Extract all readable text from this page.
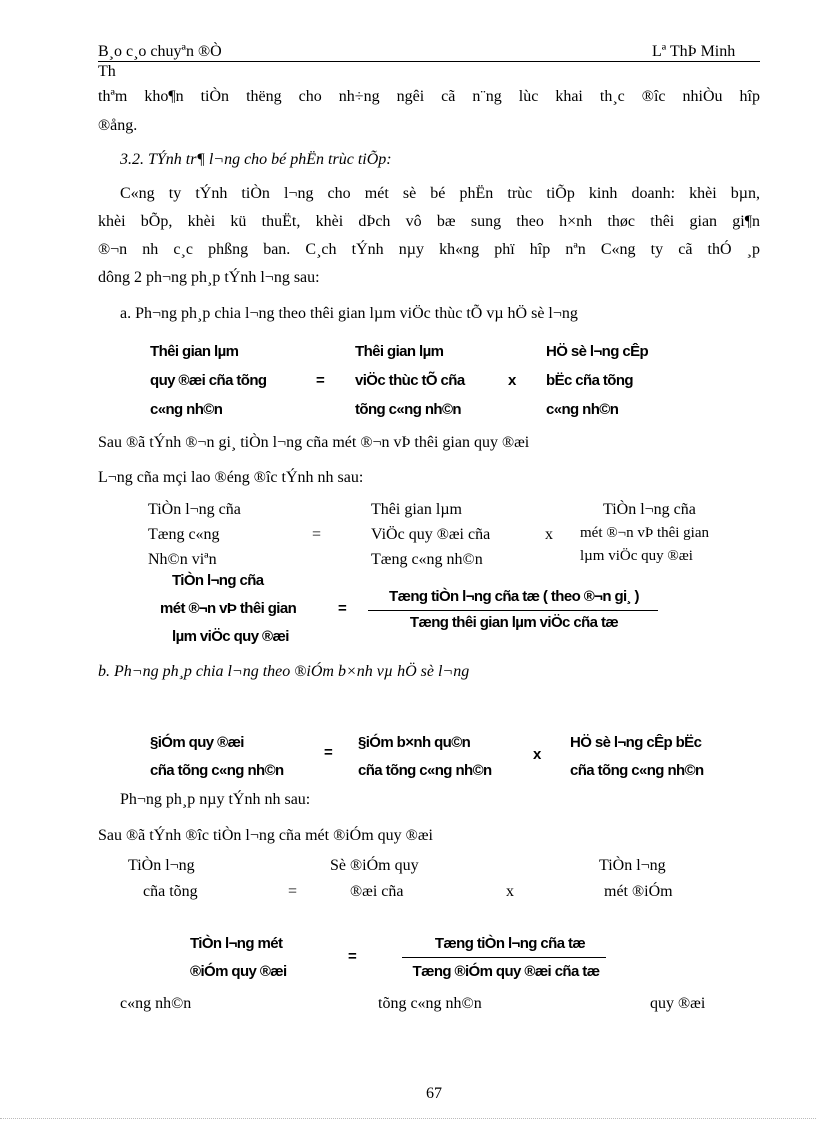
B¸o c¸o chuyªn ®Ò	Lª ThÞ Minh
Th
thªm kho¶n tiÒn thëng cho nh÷ng ngêi cã n¨ng lùc khai th¸c ®îc nhiÒu hîp
®ång.
3.2. TÝnh tr¶ l¬ng cho bé phËn trùc tiÕp:
C«ng ty tÝnh tiÒn l¬ng cho mét sè bé phËn trùc tiÕp kinh doanh: khèi bµn,
khèi bÕp, khèi kü thuËt, khèi dÞch vô bæ sung theo h×nh thøc thêi gian gi¶n
®¬n nh c¸c phßng ban. C¸ch tÝnh nµy kh«ng phï hîp nªn C«ng ty cã thÓ ¸p
dông 2 ph¬ng ph¸p tÝnh l¬ng sau:
a. Ph¬ng ph¸p chia l¬ng theo thêi gian lµm viÖc thùc tÕ vµ hÖ sè l¬ng
Thêi gian lµm
quy ®æi cña tõng
c«ng nh©n
=
Thêi gian lµm
viÖc thùc tÕ cña
tõng c«ng nh©n
x
HÖ sè l¬ng cÊp
bËc cña tõng
c«ng nh©n
Sau ®ã tÝnh ®¬n gi¸ tiÒn l¬ng cña mét ®¬n vÞ thêi gian quy ®æi
L¬ng cña mçi lao ®éng ®îc tÝnh nh sau:
TiÒn l¬ng cña
Tæng c«ng
Nh©n viªn
=
Thêi gian lµm
ViÖc quy ®æi cña
Tæng c«ng nh©n
x
TiÒn l¬ng cña
mét ®¬n vÞ thêi gian
lµm viÖc quy ®æi
TiÒn l¬ng cña
mét ®¬n vÞ thêi gian
lµm viÖc quy ®æi
=
Tæng tiÒn l¬ng cña tæ ( theo ®¬n gi¸ )
Tæng thêi gian lµm viÖc cña tæ
b. Ph¬ng ph¸p chia l¬ng theo ®iÓm b×nh vµ hÖ sè l¬ng
§iÓm quy ®æi
cña tõng c«ng nh©n
=
§iÓm b×nh qu©n
cña tõng c«ng nh©n
x
HÖ sè l¬ng cÊp bËc
cña tõng c«ng nh©n
Ph¬ng ph¸p nµy tÝnh nh sau:
Sau ®ã tÝnh ®îc tiÒn l¬ng cña mét ®iÓm quy ®æi
TiÒn l¬ng
cña tõng
c«ng nh©n
=
Sè ®iÓm quy
®æi cña
tõng c«ng nh©n
x
TiÒn l¬ng
mét ®iÓm
quy ®æi
TiÒn l¬ng mét
®iÓm quy ®æi
=
Tæng tiÒn l¬ng cña tæ
Tæng ®iÓm quy ®æi cña tæ
67
